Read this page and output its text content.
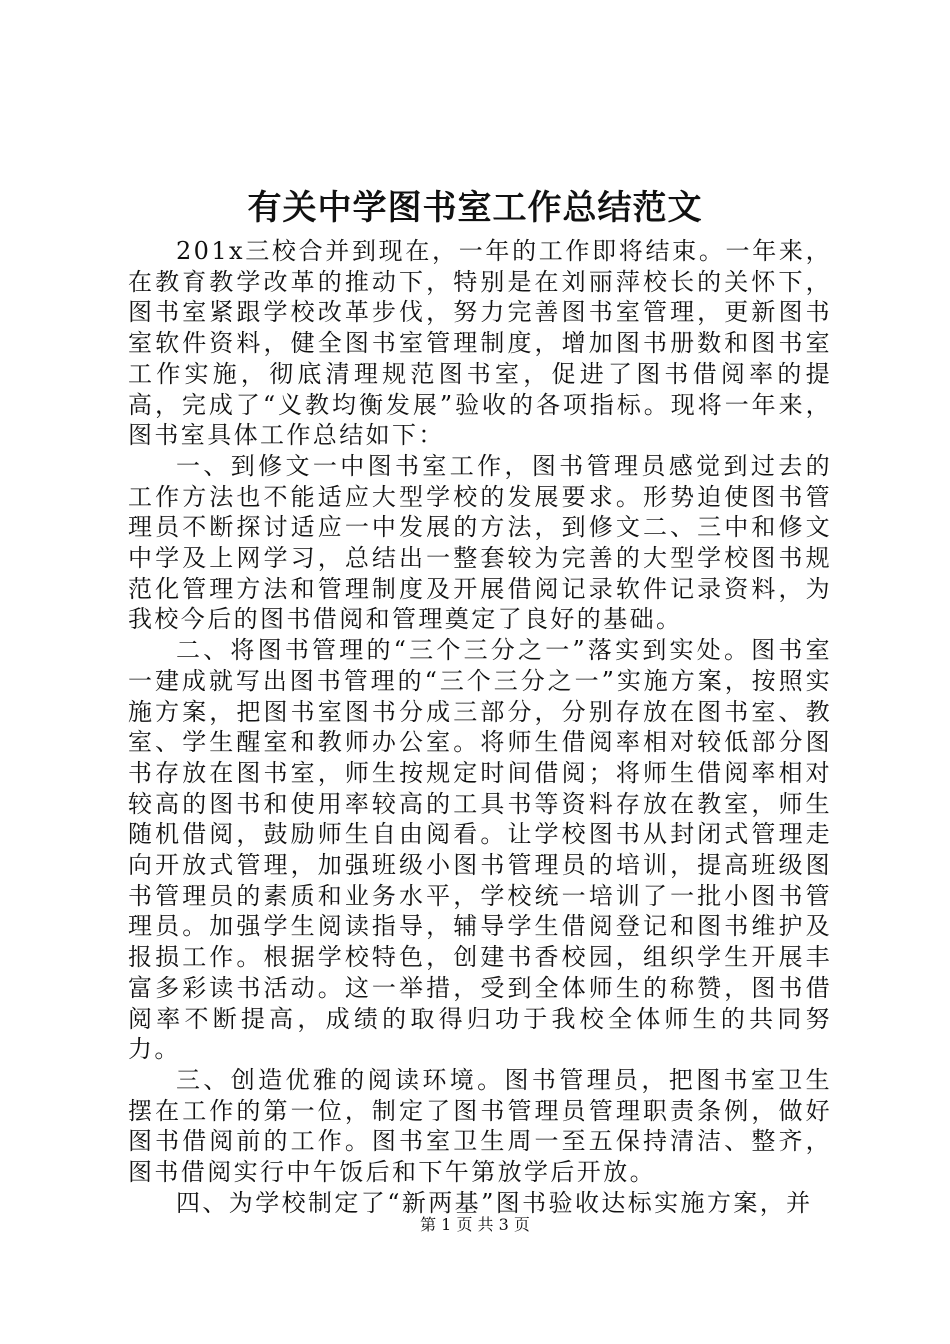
有关中学图书室工作总结范文

201x三校合并到现在，一年的工作即将结束。一年来，在教育教学改革的推动下，特别是在刘丽萍校长的关怀下，图书室紧跟学校改革步伐，努力完善图书室管理，更新图书室软件资料，健全图书室管理制度，增加图书册数和图书室工作实施，彻底清理规范图书室，促进了图书借阅率的提高，完成了“义教均衡发展”验收的各项指标。现将一年来，图书室具体工作总结如下：

一、到修文一中图书室工作，图书管理员感觉到过去的工作方法也不能适应大型学校的发展要求。形势迫使图书管理员不断探讨适应一中发展的方法，到修文二、三中和修文中学及上网学习，总结出一整套较为完善的大型学校图书规范化管理方法和管理制度及开展借阅记录软件记录资料，为我校今后的图书借阅和管理奠定了良好的基础。

二、将图书管理的“三个三分之一”落实到实处。图书室一建成就写出图书管理的“三个三分之一”实施方案，按照实施方案，把图书室图书分成三部分，分别存放在图书室、教室、学生醒室和教师办公室。将师生借阅率相对较低部分图书存放在图书室，师生按规定时间借阅；将师生借阅率相对较高的图书和使用率较高的工具书等资料存放在教室，师生随机借阅，鼓励师生自由阅看。让学校图书从封闭式管理走向开放式管理，加强班级小图书管理员的培训，提高班级图书管理员的素质和业务水平，学校统一培训了一批小图书管理员。加强学生阅读指导，辅导学生借阅登记和图书维护及报损工作。根据学校特色，创建书香校园，组织学生开展丰富多彩读书活动。这一举措，受到全体师生的称赞，图书借阅率不断提高，成绩的取得归功于我校全体师生的共同努力。

三、创造优雅的阅读环境。图书管理员，把图书室卫生摆在工作的第一位，制定了图书管理员管理职责条例，做好图书借阅前的工作。图书室卫生周一至五保持清洁、整齐，图书借阅实行中午饭后和下午第放学后开放。

四、为学校制定了“新两基”图书验收达标实施方案，并

第 1 页 共 3 页
